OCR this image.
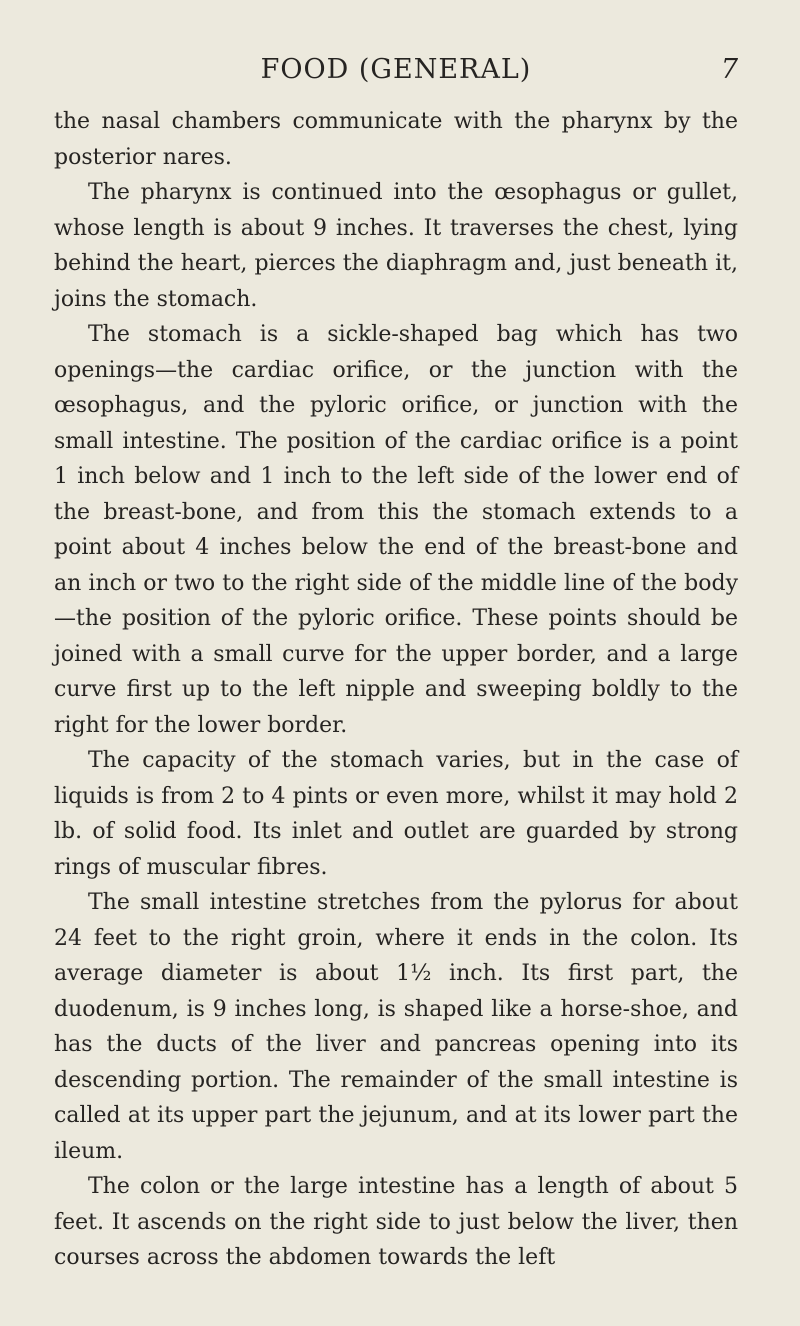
FOOD (GENERAL)	7

the nasal chambers communicate with the pharynx by the posterior nares.

The pharynx is continued into the œsophagus or gullet, whose length is about 9 inches. It traverses the chest, lying behind the heart, pierces the diaphragm and, just beneath it, joins the stomach.

The stomach is a sickle-shaped bag which has two openings—the cardiac orifice, or the junction with the œsophagus, and the pyloric orifice, or junction with the small intestine. The position of the cardiac orifice is a point 1 inch below and 1 inch to the left side of the lower end of the breast-bone, and from this the stomach extends to a point about 4 inches below the end of the breast-bone and an inch or two to the right side of the middle line of the body—the position of the pyloric orifice. These points should be joined with a small curve for the upper border, and a large curve first up to the left nipple and sweeping boldly to the right for the lower border.

The capacity of the stomach varies, but in the case of liquids is from 2 to 4 pints or even more, whilst it may hold 2 lb. of solid food. Its inlet and outlet are guarded by strong rings of muscular fibres.

The small intestine stretches from the pylorus for about 24 feet to the right groin, where it ends in the colon. Its average diameter is about 1½ inch. Its first part, the duodenum, is 9 inches long, is shaped like a horse-shoe, and has the ducts of the liver and pancreas opening into its descending portion. The remainder of the small intestine is called at its upper part the jejunum, and at its lower part the ileum.

The colon or the large intestine has a length of about 5 feet. It ascends on the right side to just below the liver, then courses across the abdomen towards the left
